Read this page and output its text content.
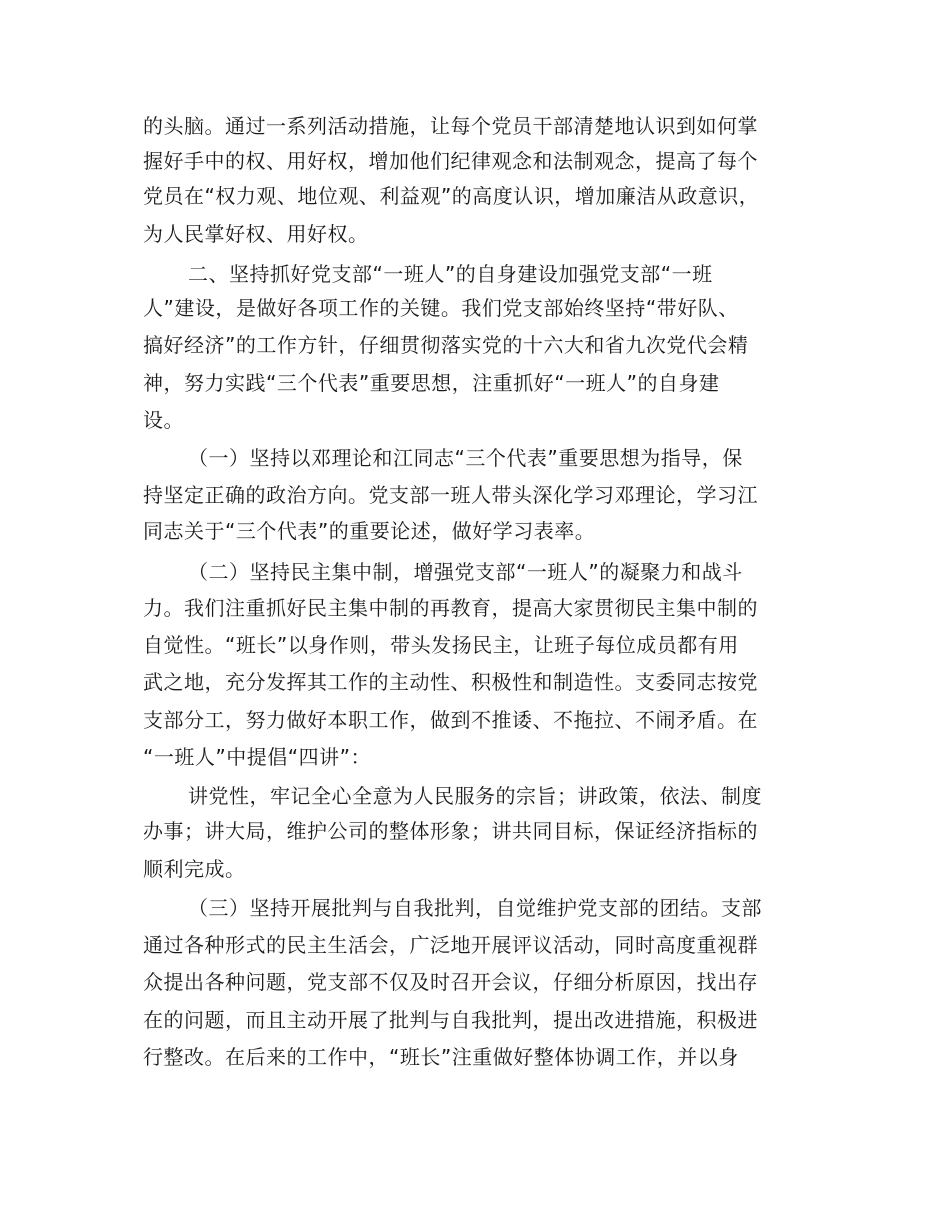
的头脑。通过一系列活动措施，让每个党员干部清楚地认识到如何掌
握好手中的权、用好权，增加他们纪律观念和法制观念，提高了每个
党员在“权力观、地位观、利益观”的高度认识，增加廉洁从政意识，
为人民掌好权、用好权。
二、坚持抓好党支部“一班人”的自身建设加强党支部“一班
人”建设，是做好各项工作的关键。我们党支部始终坚持“带好队、
搞好经济”的工作方针，仔细贯彻落实党的十六大和省九次党代会精
神，努力实践“三个代表”重要思想，注重抓好“一班人”的自身建
设。
（一）坚持以邓理论和江同志“三个代表”重要思想为指导，保
持坚定正确的政治方向。党支部一班人带头深化学习邓理论，学习江
同志关于“三个代表”的重要论述，做好学习表率。
（二）坚持民主集中制，增强党支部“一班人”的凝聚力和战斗
力。我们注重抓好民主集中制的再教育，提高大家贯彻民主集中制的
自觉性。“班长”以身作则，带头发扬民主，让班子每位成员都有用
武之地，充分发挥其工作的主动性、积极性和制造性。支委同志按党
支部分工，努力做好本职工作，做到不推诿、不拖拉、不闹矛盾。在
“一班人”中提倡“四讲”：
讲党性，牢记全心全意为人民服务的宗旨；讲政策，依法、制度
办事；讲大局，维护公司的整体形象；讲共同目标，保证经济指标的
顺利完成。
（三）坚持开展批判与自我批判，自觉维护党支部的团结。支部
通过各种形式的民主生活会，广泛地开展评议活动，同时高度重视群
众提出各种问题，党支部不仅及时召开会议，仔细分析原因，找出存
在的问题，而且主动开展了批判与自我批判，提出改进措施，积极进
行整改。在后来的工作中，“班长”注重做好整体协调工作，并以身
